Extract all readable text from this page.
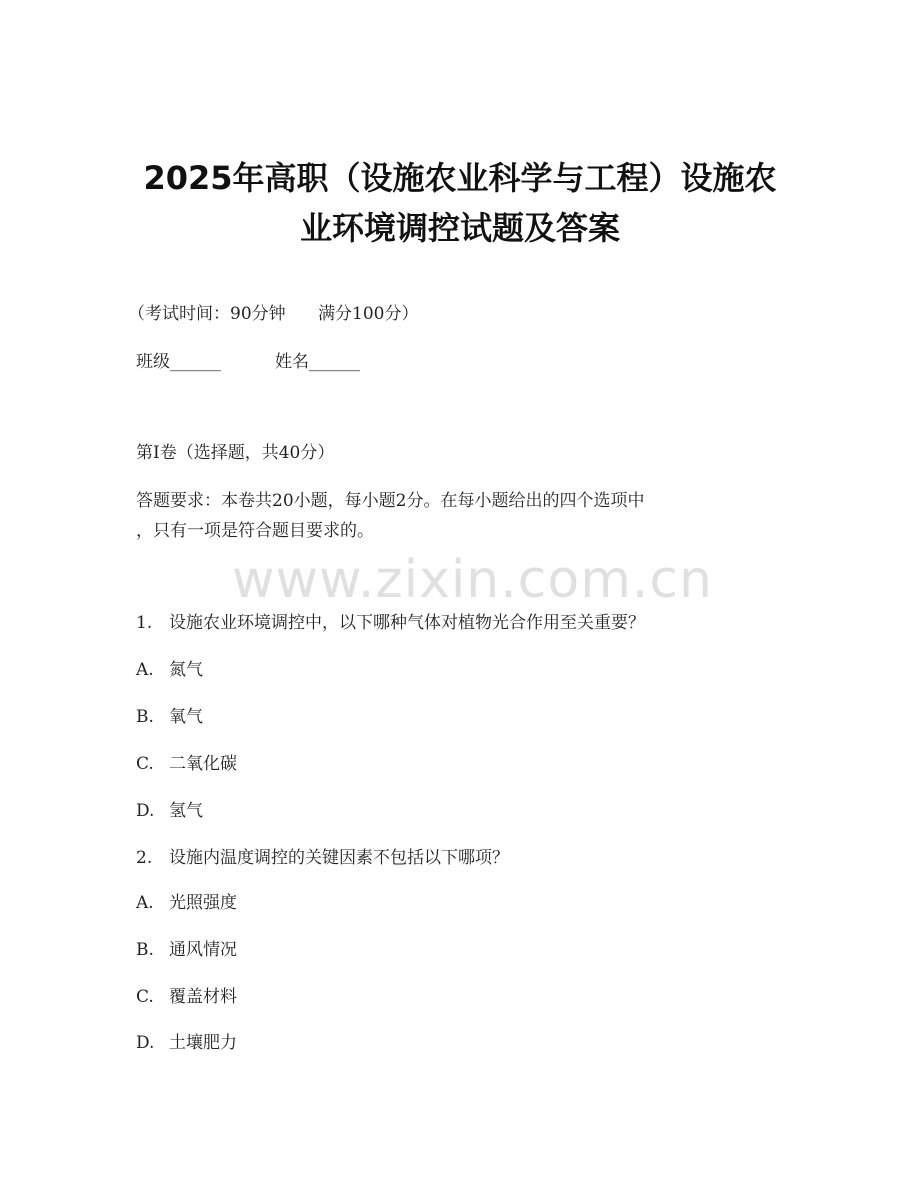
2025年高职（设施农业科学与工程）设施农
业环境调控试题及答案
（考试时间：90分钟      满分100分）
班级______	姓名______
第I卷（选择题，共40分）
答题要求：本卷共20小题，每小题2分。在每小题给出的四个选项中
，只有一项是符合题目要求的。
www.zixin.com.cn
1. 设施农业环境调控中，以下哪种气体对植物光合作用至关重要？
A. 氮气
B. 氧气
C. 二氧化碳
D. 氢气
2. 设施内温度调控的关键因素不包括以下哪项？
A. 光照强度
B. 通风情况
C. 覆盖材料
D. 土壤肥力
